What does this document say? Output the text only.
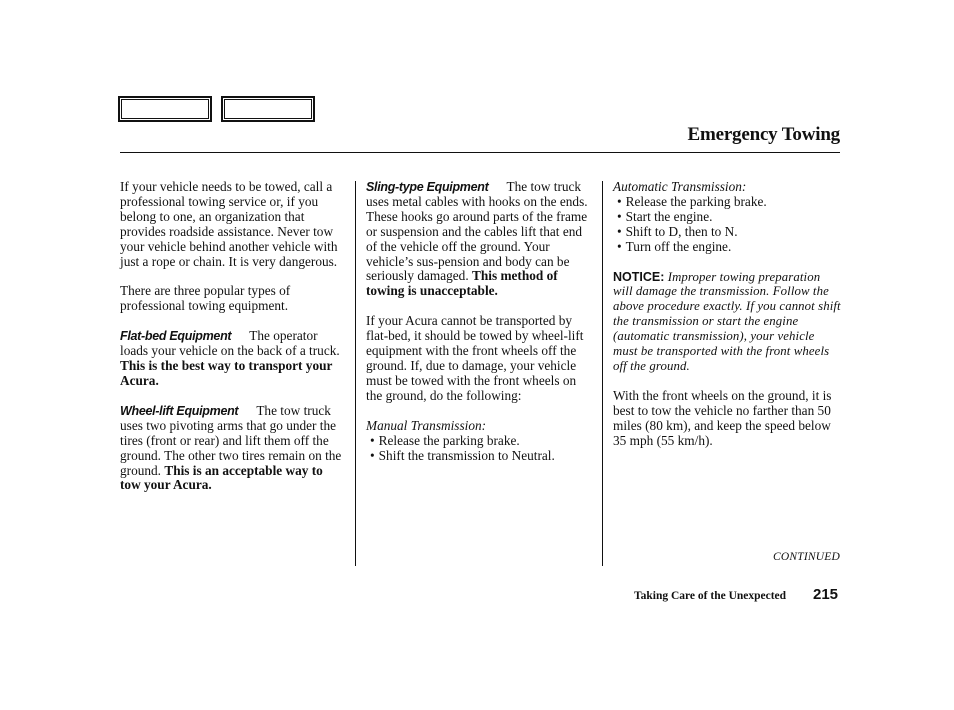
Emergency Towing

If your vehicle needs to be towed, call a professional towing service or, if you belong to one, an organization that provides roadside assistance. Never tow your vehicle behind another vehicle with just a rope or chain. It is very dangerous.

There are three popular types of professional towing equipment.

Flat-bed Equipment The operator loads your vehicle on the back of a truck. This is the best way to transport your Acura.

Wheel-lift Equipment The tow truck uses two pivoting arms that go under the tires (front or rear) and lift them off the ground. The other two tires remain on the ground. This is an acceptable way to tow your Acura.

Sling-type Equipment The tow truck uses metal cables with hooks on the ends. These hooks go around parts of the frame or suspension and the cables lift that end of the vehicle off the ground. Your vehicle’s sus-pension and body can be seriously damaged. This method of towing is unacceptable.

If your Acura cannot be transported by flat-bed, it should be towed by wheel-lift equipment with the front wheels off the ground. If, due to damage, your vehicle must be towed with the front wheels on the ground, do the following:

Manual Transmission:

• Release the parking brake.
• Shift the transmission to Neutral.

Automatic Transmission:

• Release the parking brake.
• Start the engine.
• Shift to D, then to N.
• Turn off the engine.

NOTICE: Improper towing preparation will damage the transmission. Follow the above procedure exactly. If you cannot shift the transmission or start the engine (automatic transmission), your vehicle must be transported with the front wheels off the ground.

With the front wheels on the ground, it is best to tow the vehicle no farther than 50 miles (80 km), and keep the speed below 35 mph (55 km/h).

CONTINUED
Taking Care of the Unexpected 215
